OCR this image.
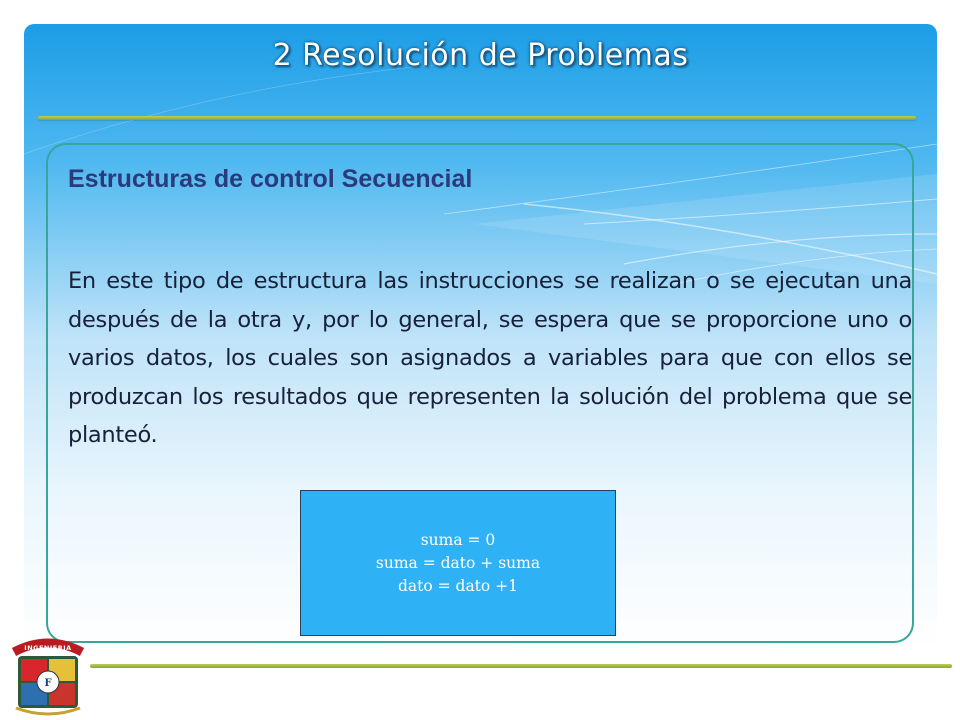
2 Resolución de Problemas
Estructuras de control Secuencial
En este tipo de estructura las instrucciones se realizan o se ejecutan una después de la otra y, por lo general, se espera que se proporcione uno o varios datos, los cuales son asignados a variables para que con ellos se produzcan los resultados que representen la solución del problema que se planteó.
suma = 0
suma = dato + suma
dato = dato +1
INGENIERIA
F
